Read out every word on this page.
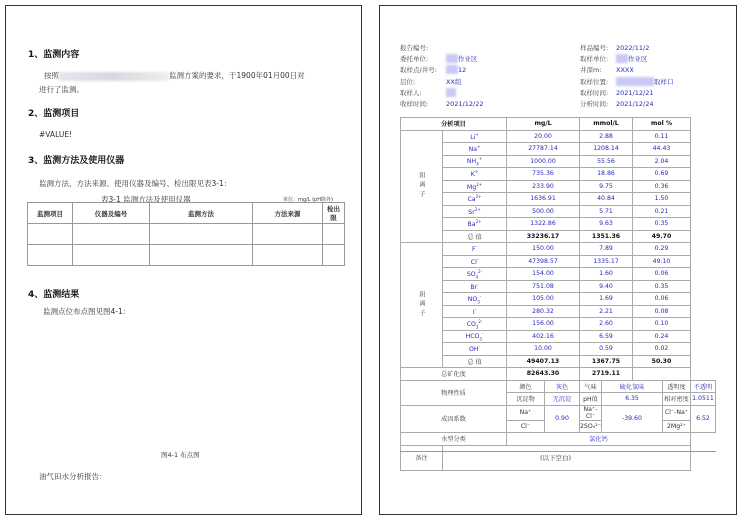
1、监测内容
按照	监测方案的要求，于1900年01月00日对
进行了监测。
2、监测项目
#VALUE!
3、监测方法及使用仪器
监测方法、方法来源、使用仪器及编号、检出限见表3-1：
表3-1 监测方法及使用仪器	单位：mg/L (pH除外)
监测项目	仪器及编号	监测方法	方法来源	检出限

4、监测结果
监测点位布点图见图4-1：
图4-1 布点图
油气田水分析报告：
报告编号:
委托单位:	作业区
取样点/井号:	12
层位:	XX组
取样人:
收样时间:	2021/12/22
样品编号:	2022/11/2
取样单位:	作业区
井深m:	XXXX
取样位置:	取样口
取样时间:	2021/12/21
分析时间:	2021/12/24
分析项目		mg/L		mmol/L		mol %		
阳离子	Li+	20.00		2.88		0.11		
	Na+	27787.14		1208.14		44.43		
	$NH_4^+$	1000.00		55.56		2.04		
	K+	735.36		18.86		0.69		
	$Mg^{2+}$	233.90		9.75		0.36		
	$Ca^{2+}$	1636.91		40.84		1.50		
	$Sr^{2+}$	500.00		5.71		0.21		
	$Ba^{2+}$	1322.86		9.63		0.35		
	总 值	33236.17		1351.36		49.70		
阴离子	F-	150.00		7.89		0.29		
	Cl-	47398.57		1335.17		49.10		
	$SO_4^{2-}$	154.00		1.60		0.06		
	Br-	751.08		9.40		0.35		
	$NO_3^-$	105.00		1.69		0.06		
	I-	280.32		2.21		0.08		
	$CO_3^{2-}$	156.00		2.60		0.10		
	$HCO_3^-$	402.16		6.59		0.24		
	OH-	10.00		0.59		0.02		
	总 值	49407.13		1367.75		50.30		
总矿化度		82643.30		2719.11				
物理性质		颜色	灰色	气味	硫化氢味		透明度	不透明
		沉淀物	无沉淀	pH值	6.35		相对密度	1.0511
成因系数		Na⁺	0.90	Na⁺-Cl⁻	-39.60		Cl⁻-Na⁺	6.52
		Cl⁻		2SO₄²⁻			2Mg²⁺	
水型分类		氯化钙						
备注									(以下空白)
